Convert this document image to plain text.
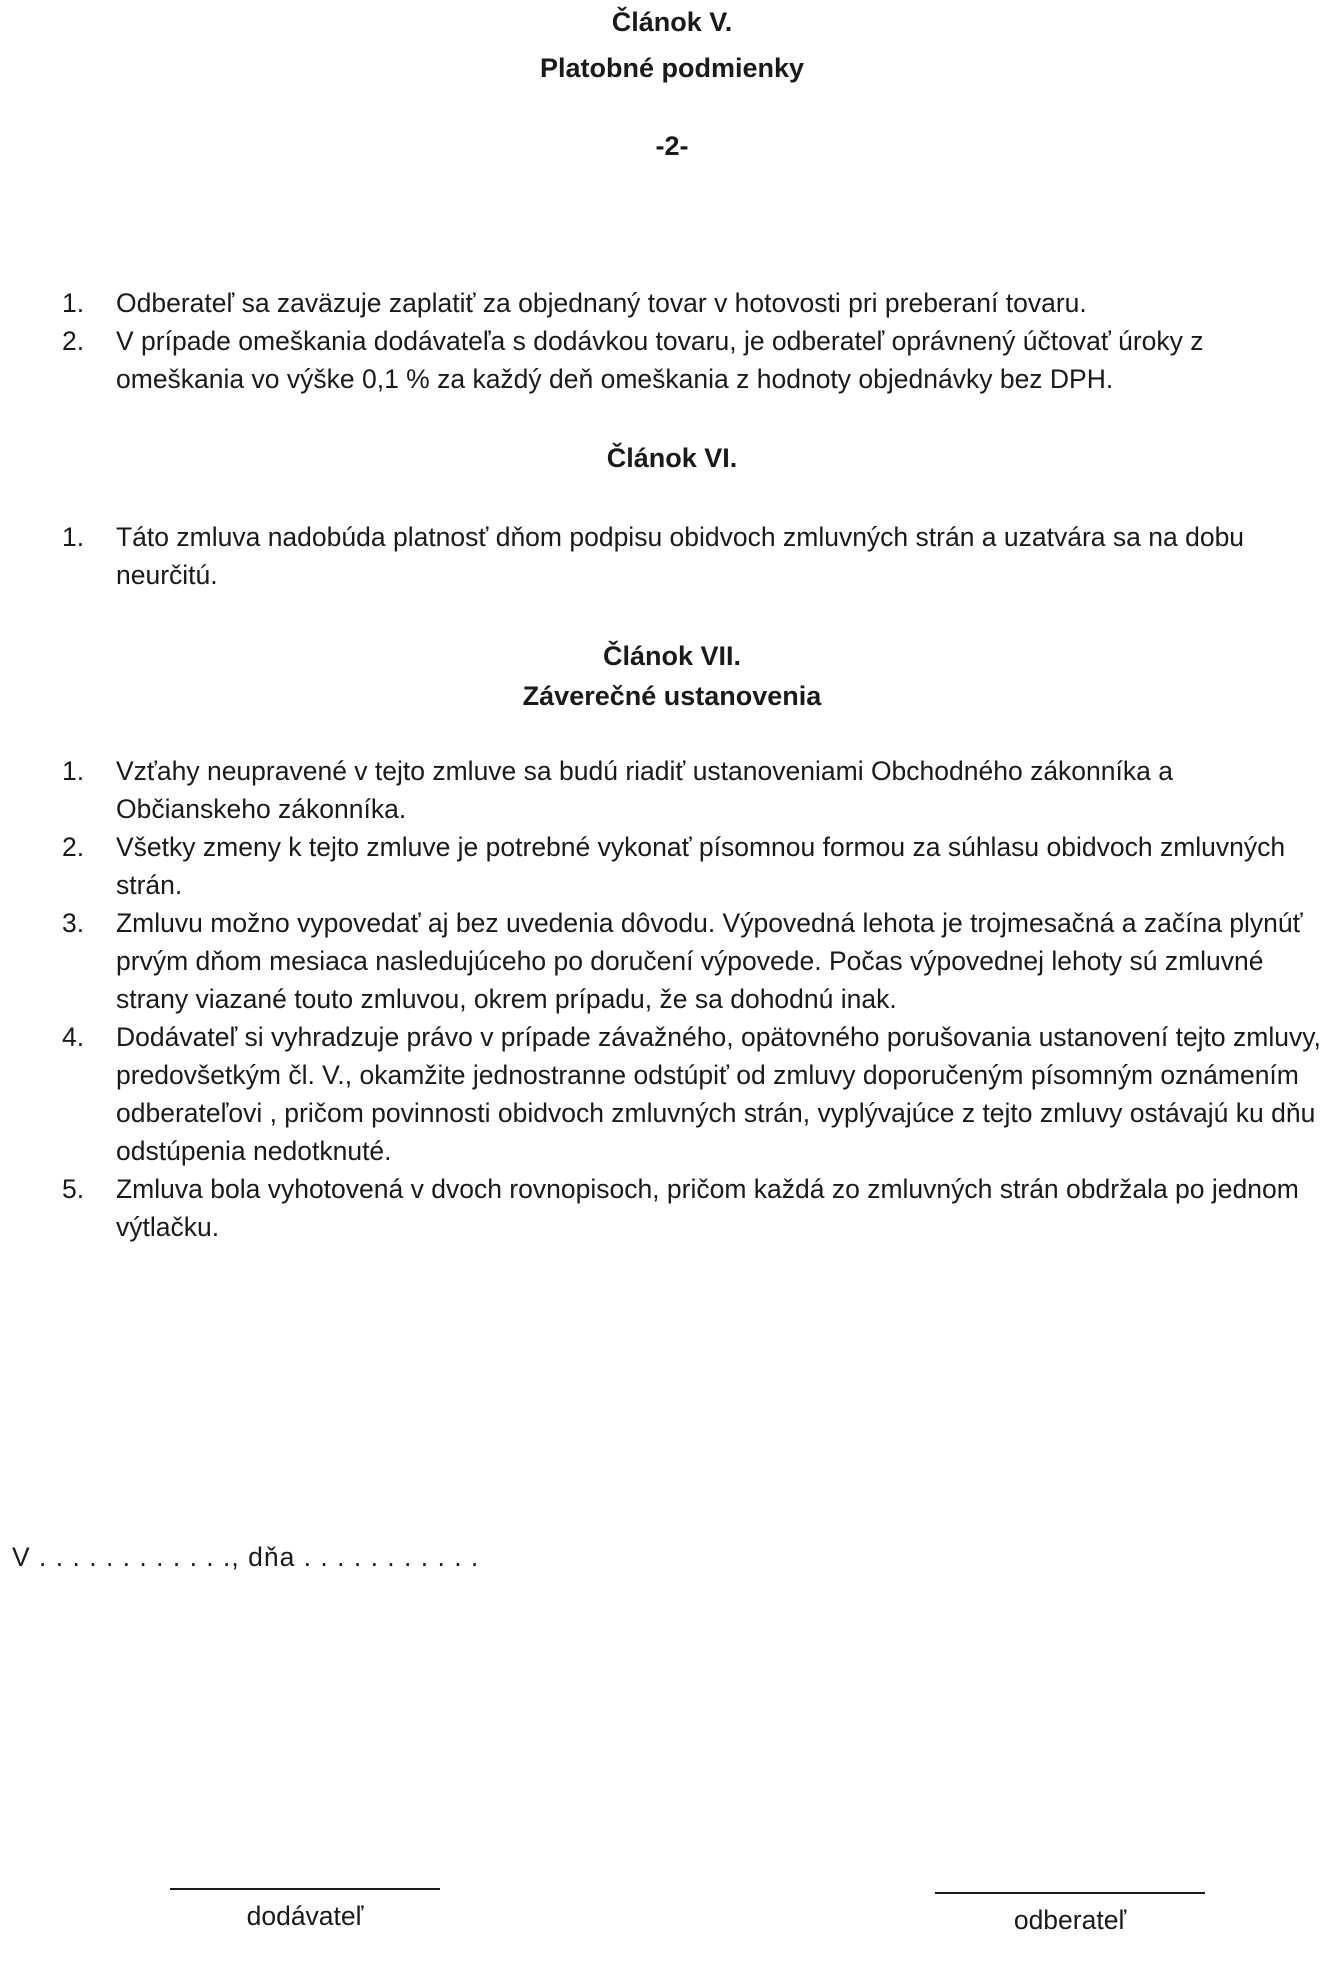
Článok V.
Platobné podmienky
-2-
1. Odberateľ sa zaväzuje zaplatiť za objednaný tovar v hotovosti pri preberaní tovaru.
2. V prípade omeškania dodávateľa s dodávkou tovaru, je odberateľ oprávnený účtovať úroky z omeškania vo výške 0,1 % za každý deň omeškania z hodnoty objednávky bez DPH.
Článok VI.
1. Táto zmluva nadobúda platnosť dňom podpisu obidvoch zmluvných strán a uzatvára sa na dobu neurčitú.
Článok VII.
Záverečné ustanovenia
1. Vzťahy neupravené v tejto zmluve sa budú riadiť ustanoveniami Obchodného zákonníka a Občianskeho zákonníka.
2. Všetky zmeny k tejto zmluve je potrebné vykonať písomnou formou za súhlasu obidvoch zmluvných strán.
3. Zmluvu možno vypovedať aj bez uvedenia dôvodu. Výpovedná lehota je trojmesačná a začína plynúť prvým dňom mesiaca nasledujúceho po doručení výpovede. Počas výpovednej lehoty sú zmluvné strany viazané touto zmluvou, okrem prípadu, že sa dohodnú inak.
4. Dodávateľ si vyhradzuje právo v prípade závažného, opätovného porušovania ustanovení tejto zmluvy, predovšetkým čl. V., okamžite jednostranne odstúpiť od zmluvy doporučeným písomným oznámením odberateľovi , pričom povinnosti obidvoch zmluvných strán, vyplývajúce z tejto zmluvy ostávajú ku dňu odstúpenia nedotknuté.
5. Zmluva bola vyhotovená v dvoch rovnopisoch, pričom každá zo zmluvných strán obdržala po jednom výtlačku.
V . . . . . . . . . . . ., dňa . . . . . . . . . . .
dodávateľ	odberateľ
